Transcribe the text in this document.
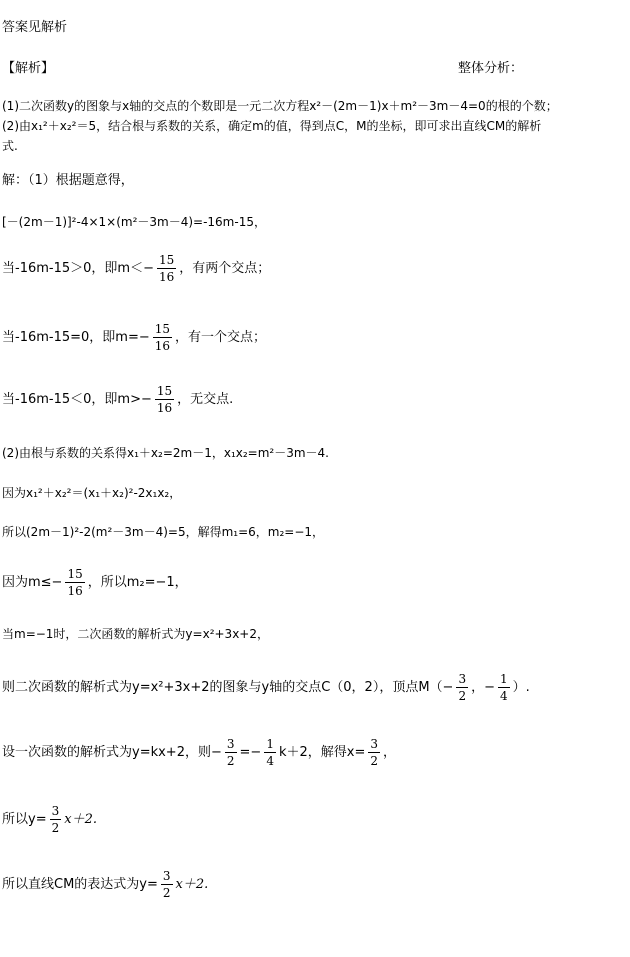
答案见解析
【解析】	整体分析：
(1)二次函数y的图象与x轴的交点的个数即是一元二次方程x²－(2m－1)x＋m²－3m－4=0的根的个数；
(2)由x₁²＋x₂²＝5，结合根与系数的关系，确定m的值，得到点C，M的坐标，即可求出直线CM的解析
式.
解：（1）根据题意得，
[－(2m－1)]²-4×1×(m²－3m－4)=-16m-15，
当-16m-15＞0，即$m<- \frac{15}{16}$ ，有两个交点；
当-16m-15=0，即$m=- \frac{15}{16}$ ，有一个交点；
当-16m-15＜0，即$m>- \frac{15}{16}$ ，无交点.
(2)由根与系数的关系得x₁＋x₂=2m－1，x₁x₂=m²－3m－4.
因为x₁²＋x₂²＝(x₁＋x₂)²-2x₁x₂，
所以(2m－1)²-2(m²－3m－4)=5，解得m₁=6，m₂=−1，
因为$m\le- \frac{15}{16}$ ，所以m₂=−1，
当m=−1时，二次函数的解析式为y=x²+3x+2，
则二次函数的解析式为y=x²+3x+2的图象与y轴的交点C（0，2），顶点$M(- \frac{3}{2}$ ，− $\frac{1}{4}$ ）.
设一次函数的解析式为y=kx+2，则− $\frac{3}{2} =- \frac{1}{4} k+2$，解得$x= \frac{3}{2}$ ，
所以$y= \frac{3}{2} x+2$.
所以直线CM的表达式为$y= \frac{3}{2} x+2$.
